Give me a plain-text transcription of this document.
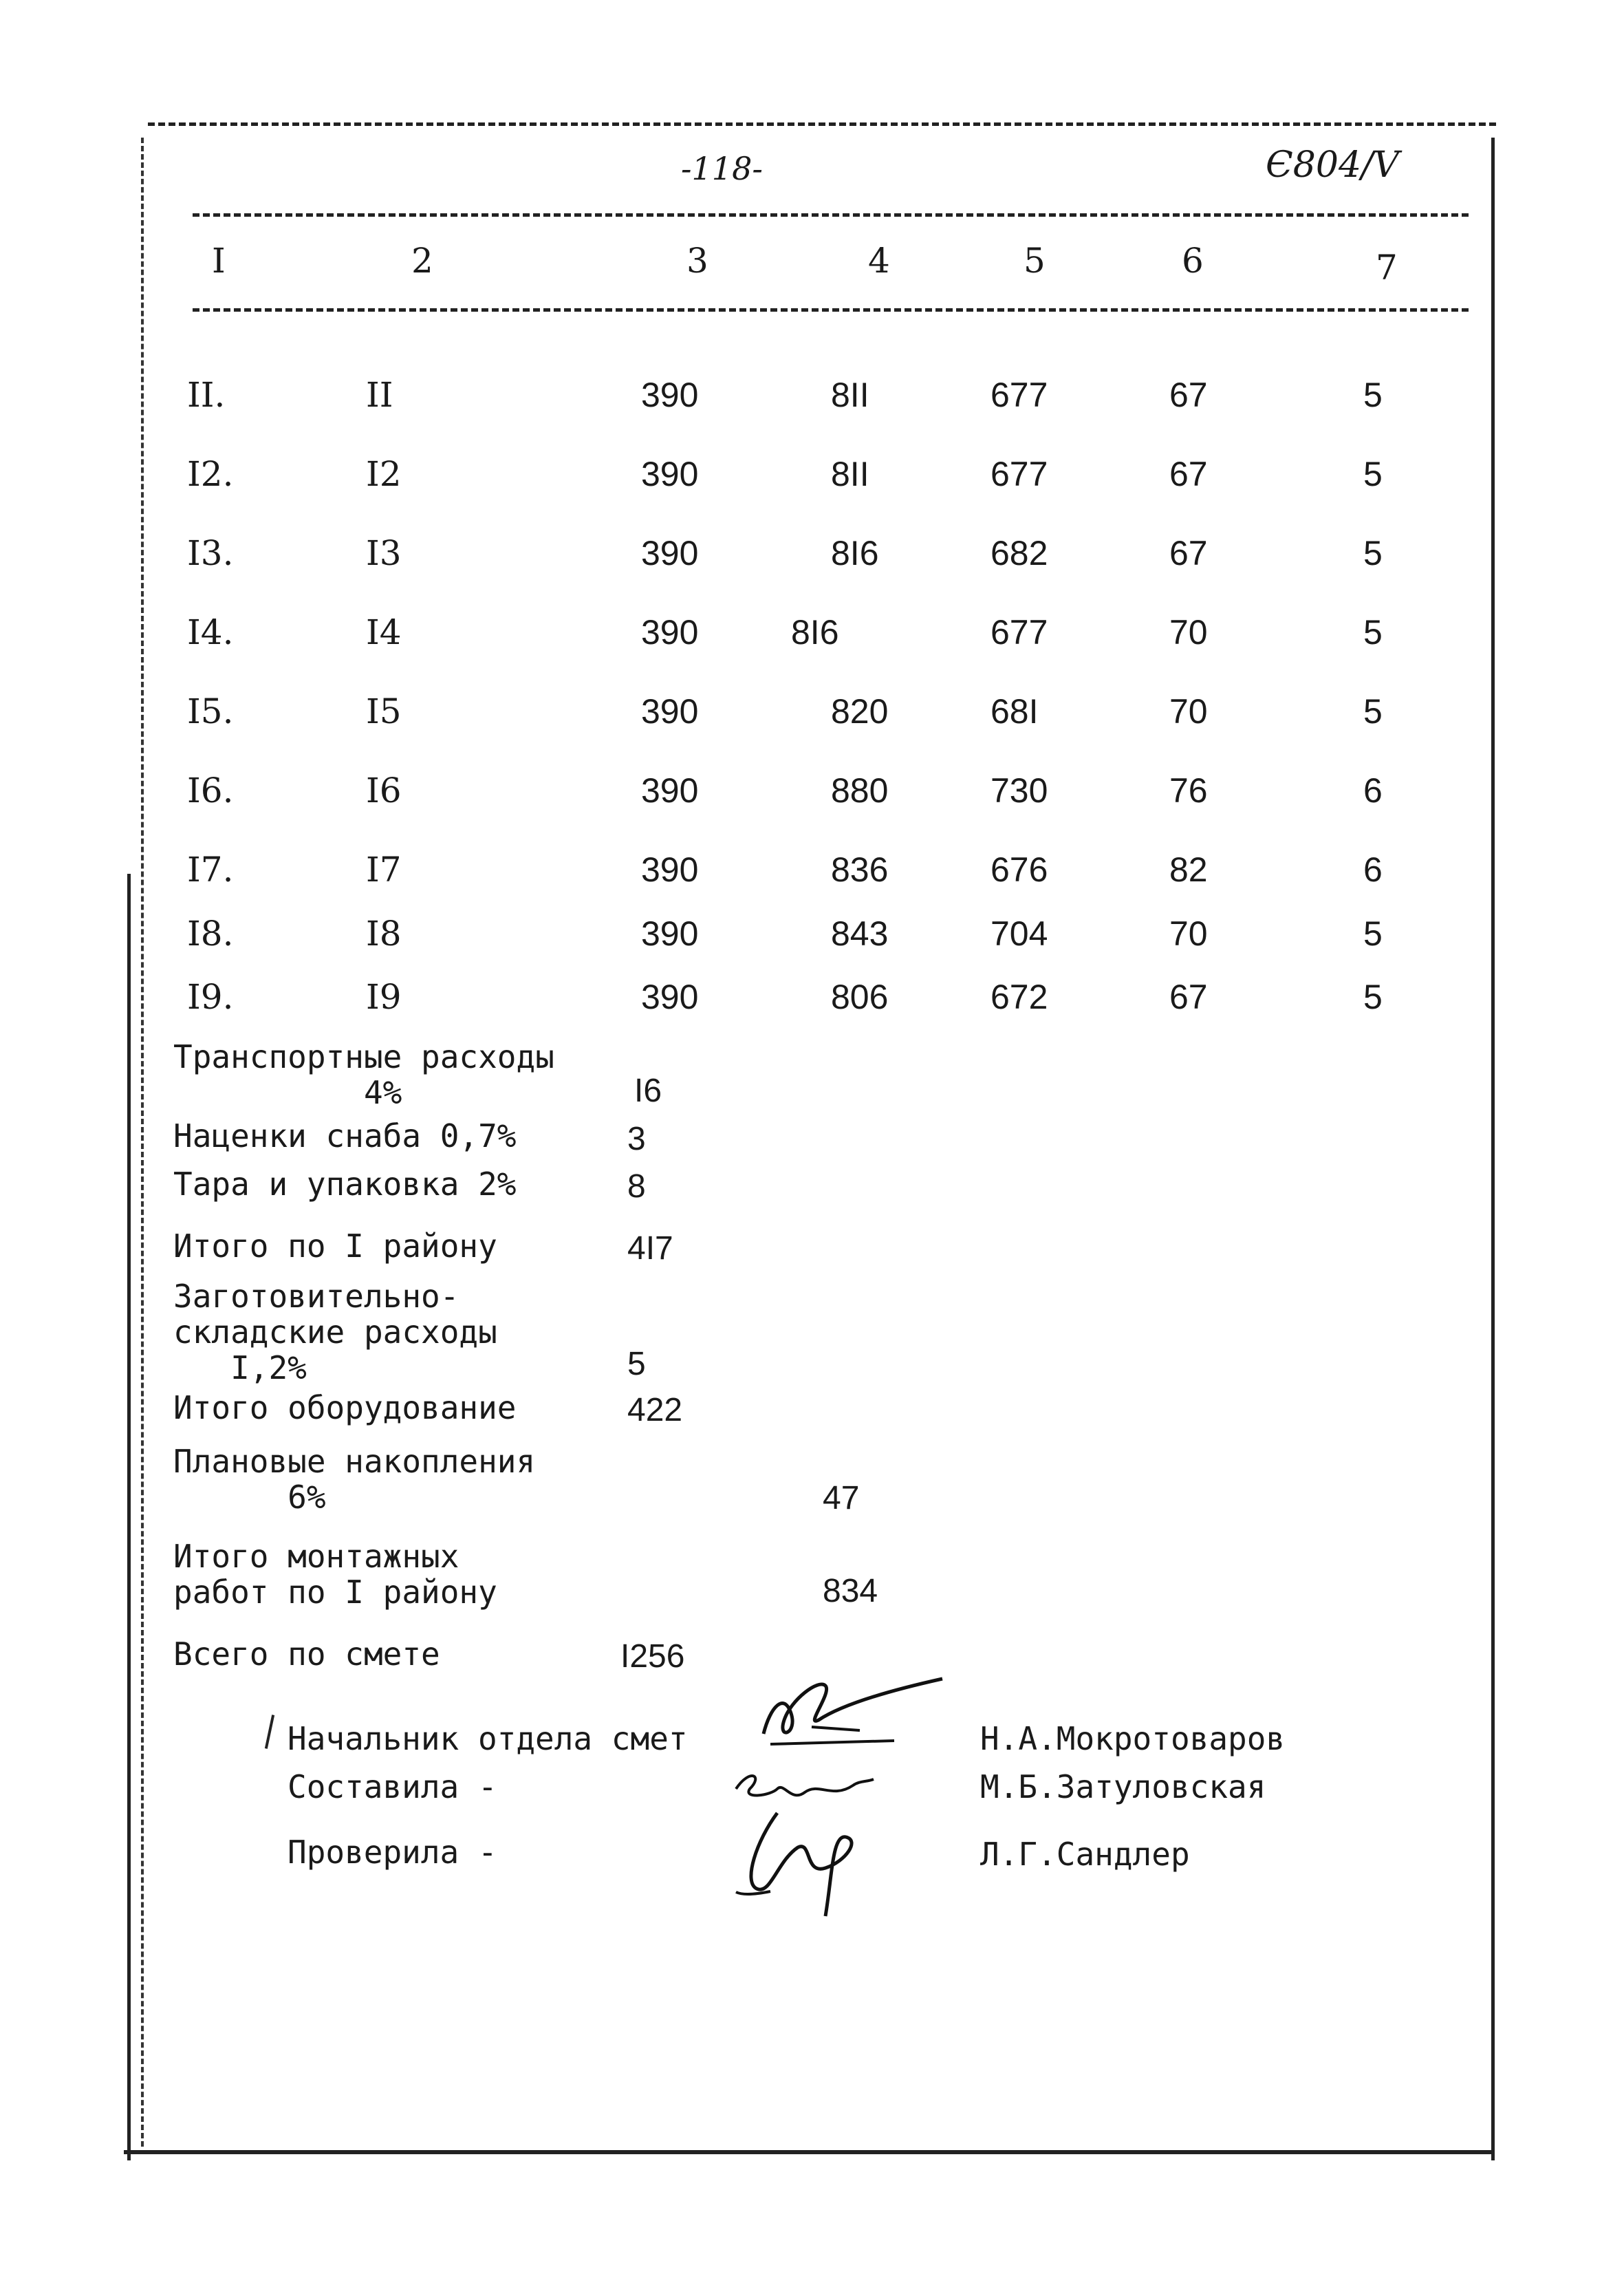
-118-	Є804/V
I	2	3	4	5	6	7
II.	II	390	8II	677	67	5
I2.	I2	390	8II	677	67	5
I3.	I3	390	8I6	682	67	5
I4.	I4	390	8I6	677	70	5
I5.	I5	390	820	68I	70	5
I6.	I6	390	880	730	76	6
I7.	I7	390	836	676	82	6
I8.	I8	390	843	704	70	5
I9.	I9	390	806	672	67	5
Транспортные расходы
4%	I6
Наценки снаба 0,7%	3
Тара и упаковка 2%	8
Итого по I району	4I7
Заготовительно-
складские расходы
I,2%	5
Итого оборудование	422
Плановые накопления
6%	47
Итого монтажных
работ по I району	834
Всего по смете	I256
Начальник отдела смет	Н.А.Мокротоваров
Составила -	М.Б.Затуловская
Проверила -	Л.Г.Сандлер
